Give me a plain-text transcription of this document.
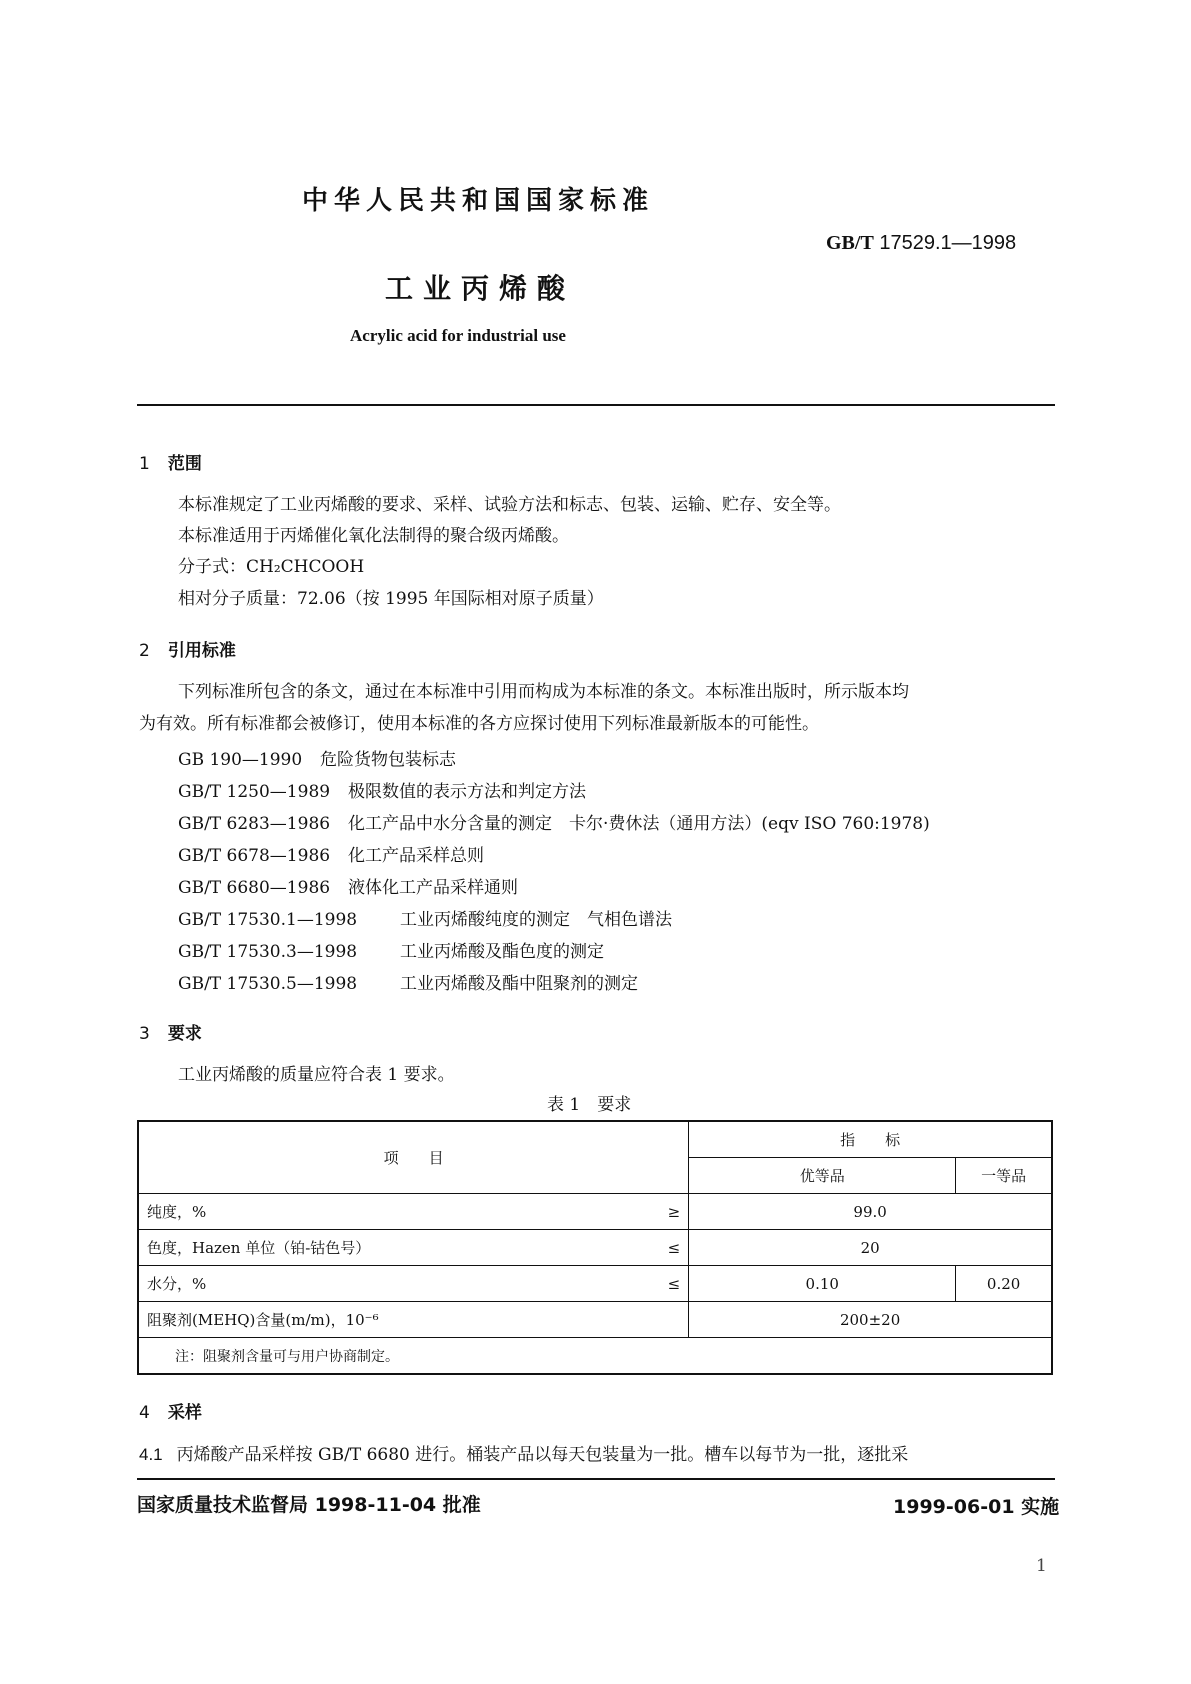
中华人民共和国国家标准
GB/T 17529.1—1998
工业丙烯酸
Acrylic acid for industrial use
1 范围
本标准规定了工业丙烯酸的要求、采样、试验方法和标志、包装、运输、贮存、安全等。
本标准适用于丙烯催化氧化法制得的聚合级丙烯酸。
分子式：CH₂CHCOOH
相对分子质量：72.06（按 1995 年国际相对原子质量）
2 引用标准
下列标准所包含的条文，通过在本标准中引用而构成为本标准的条文。本标准出版时，所示版本均
为有效。所有标准都会被修订，使用本标准的各方应探讨使用下列标准最新版本的可能性。
GB 190—1990 危险货物包装标志
GB/T 1250—1989 极限数值的表示方法和判定方法
GB/T 6283—1986 化工产品中水分含量的测定　卡尔·费休法（通用方法）(eqv ISO 760:1978)
GB/T 6678—1986 化工产品采样总则
GB/T 6680—1986 液体化工产品采样通则
GB/T 17530.1—1998	工业丙烯酸纯度的测定　气相色谱法
GB/T 17530.3—1998	工业丙烯酸及酯色度的测定
GB/T 17530.5—1998	工业丙烯酸及酯中阻聚剂的测定
3 要求
工业丙烯酸的质量应符合表 1 要求。
表 1　要求
项　　目		指　　标	
		优等品	一等品
纯度，%	≥	99.0	
色度，Hazen 单位（铂-钴色号）	≤	20	
水分，%	≤	0.10	0.20
阻聚剂(MEHQ)含量(m/m)，10⁻⁶		200±20	
注：阻聚剂含量可与用户协商制定。			
4 采样
4.1 丙烯酸产品采样按 GB/T 6680 进行。桶装产品以每天包装量为一批。槽车以每节为一批，逐批采
国家质量技术监督局 1998-11-04 批准	1999-06-01 实施
1
